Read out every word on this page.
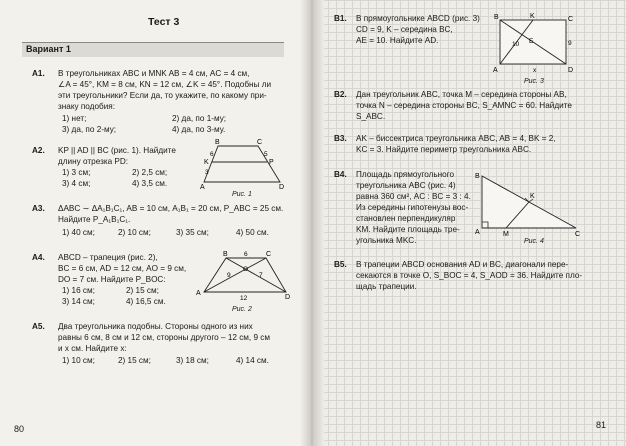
Тест 3
Вариант 1
А1. В треугольниках ABC и MNK AB = 4 см, AC = 4 см,
∠A = 45°, KM = 8 см, KN = 12 см, ∠K = 45°. Подобны ли
эти треугольники? Если да, то укажите, по какому при-
знаку подобия:
1) нет;	2) да, по 1-му;
3) да, по 2-му;	4) да, по 3-му.
А2. KP || AD || BC (рис. 1). Найдите
длину отрезка PD:
1) 3 см;	2) 2,5 см;
3) 4 см;	4) 3,5 см.
B	C
K	P
A	D
6	5
3
Рис. 1
А3. ΔABC ∼ ΔA₁B₁C₁, AB = 10 см, A₁B₁ = 20 см, P_ABC = 25 см.
Найдите P_A₁B₁C₁.
1) 40 см;	2) 10 см;	3) 35 см;	4) 50 см.
А4. ABCD – трапеция (рис. 2),
BC = 6 см, AD = 12 см, AO = 9 см,
DO = 7 см. Найдите P_BOC:
1) 16 см;	2) 15 см;
3) 14 см;	4) 16,5 см.
B	C
A
D
O
6
9	7
12
Рис. 2
А5. Два треугольника подобны. Стороны одного из них
равны 6 см, 8 см и 12 см, стороны другого – 12 см, 9 см
и x см. Найдите x:
1) 10 см;	2) 15 см;	3) 18 см;	4) 14 см.
80
В1. В прямоугольнике ABCD (рис. 3)
CD = 9, K – середина BC,
AE = 10. Найдите AD.
B	K	C
A	D
E
10	9
x
Рис. 3
В2. Дан треугольник ABC, точка M – середина стороны AB,
точка N – середина стороны BC, S_AMNC = 60. Найдите
S_ABC.
В3. AK – биссектриса треугольника ABC, AB = 4, BK = 2,
KC = 3. Найдите периметр треугольника ABC.
В4. Площадь прямоугольного
треугольника ABC (рис. 4)
равна 360 см², AC : BC = 3 : 4.
Из середины гипотенузы вос-
становлен перпендикуляр
KM. Найдите площадь тре-
угольника MKC.
B
K
A	M	C
Рис. 4
В5. В трапеции ABCD основания AD и BC, диагонали пере-
секаются в точке O, S_BOC = 4, S_AOD = 36. Найдите пло-
щадь трапеции.
81
